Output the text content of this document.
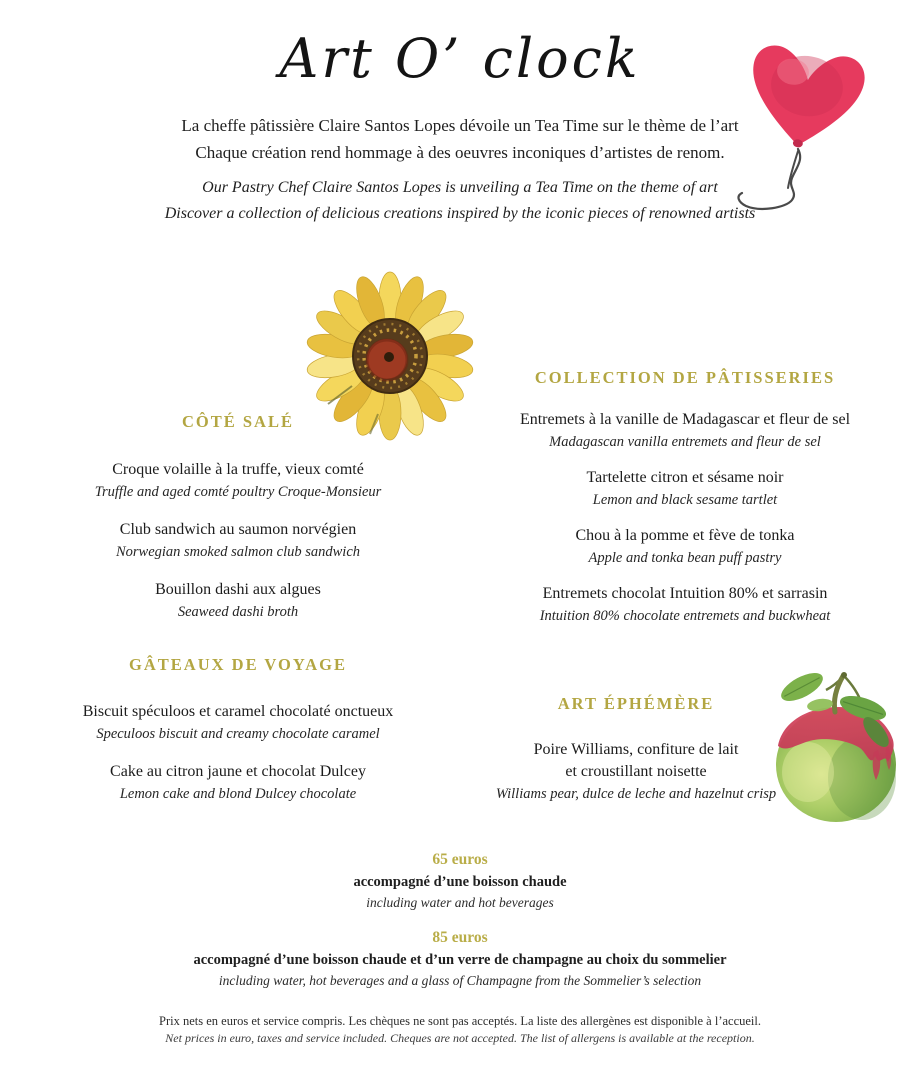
Art O’ clock
La cheffe pâtissière Claire Santos Lopes dévoile un Tea Time sur le thème de l’art
Chaque création rend hommage à des oeuvres inconiques d’artistes de renom.
Our Pastry Chef Claire Santos Lopes is unveiling a Tea Time on the theme of art
Discover a collection of delicious creations inspired by the iconic pieces of renowned artists
CÔTÉ SALÉ
Croque volaille à la truffe, vieux comté
Truffle and aged comté poultry Croque-Monsieur
Club sandwich au saumon norvégien
Norwegian smoked salmon club sandwich
Bouillon dashi aux algues
Seaweed dashi broth
COLLECTION DE PÂTISSERIES
Entremets à la vanille de Madagascar et fleur de sel
Madagascan vanilla entremets and fleur de sel
Tartelette citron et sésame noir
Lemon and black sesame tartlet
Chou à la pomme et fève de tonka
Apple and tonka bean puff pastry
Entremets chocolat Intuition 80% et sarrasin
Intuition 80% chocolate entremets and buckwheat
GÂTEAUX DE VOYAGE
Biscuit spéculoos et caramel chocolaté onctueux
Speculoos biscuit and creamy chocolate caramel
Cake au citron jaune et chocolat Dulcey
Lemon cake and blond Dulcey chocolate
ART ÉPHÉMÈRE
Poire Williams, confiture de lait
et croustillant noisette
Williams pear, dulce de leche and hazelnut crisp
65 euros
accompagné d’une boisson chaude
including water and hot beverages
85 euros
accompagné d’une boisson chaude et d’un verre de champagne au choix du sommelier
including water, hot beverages and a glass of Champagne from the Sommelier’s selection
Prix nets en euros et service compris. Les chèques ne sont pas acceptés. La liste des allergènes est disponible à l’accueil.
Net prices in euro, taxes and service included. Cheques are not accepted. The list of allergens is available at the reception.
